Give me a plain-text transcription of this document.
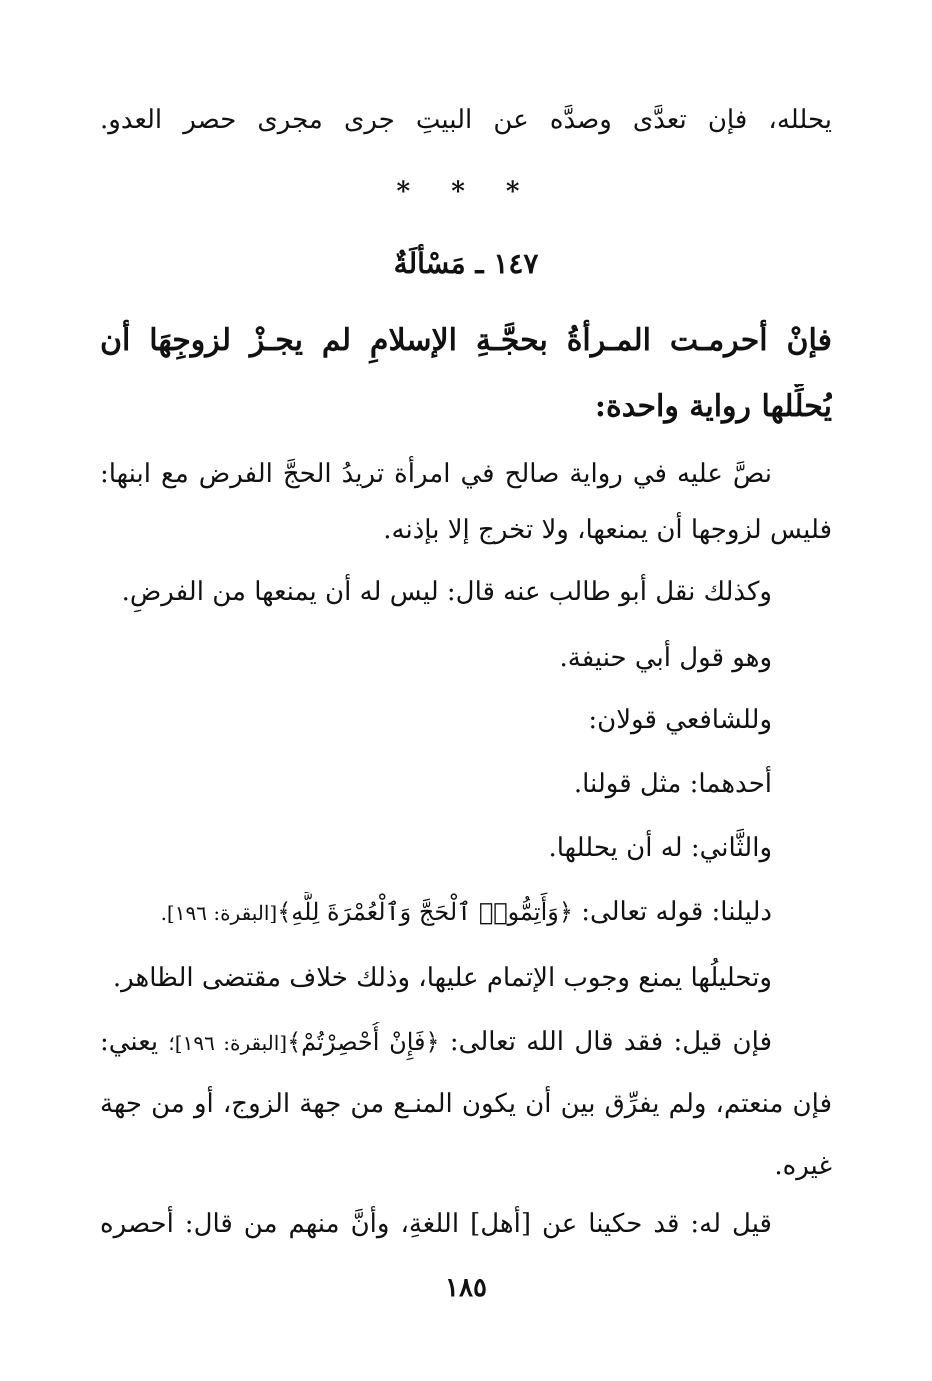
يحلله، فإن تعدَّى وصدَّه عن البيتِ جرى مجرى حصر العدو.
* * *
١٤٧ ـ مَسْأَلَةٌ
فإنْ أحرمـت المـرأةُ بحجَّـةِ الإسلامِ لم يجـزْ لزوجِهَا أن
يُحلِّلها رواية واحدة:
نصَّ عليه في رواية صالح في امرأة تريدُ الحجَّ الفرض مع ابنها:
فليس لزوجها أن يمنعها، ولا تخرج إلا بإذنه.
وكذلك نقل أبو طالب عنه قال: ليس له أن يمنعها من الفرضِ.
وهو قول أبي حنيفة.
وللشافعي قولان:
أحدهما: مثل قولنا.
والثَّاني: له أن يحللها.
دليلنا: قوله تعالى: ﴿وَأَتِمُّوا۟ ٱلْحَجَّ وَٱلْعُمْرَةَ لِلَّهِ﴾[البقرة: ١٩٦].
وتحليلُها يمنع وجوب الإتمام عليها، وذلك خلاف مقتضى الظاهر.
فإن قيل: فقد قال الله تعالى: ﴿فَإِنْ أُحْصِرْتُمْ﴾[البقرة: ١٩٦]؛ يعني:
فإن منعتم، ولم يفرِّق بين أن يكون المنـع من جهة الزوج، أو من جهة
غيره.
قيل له: قد حكينا عن [أهل] اللغةِ، وأنَّ منهم من قال: أحصره
١٨٥
